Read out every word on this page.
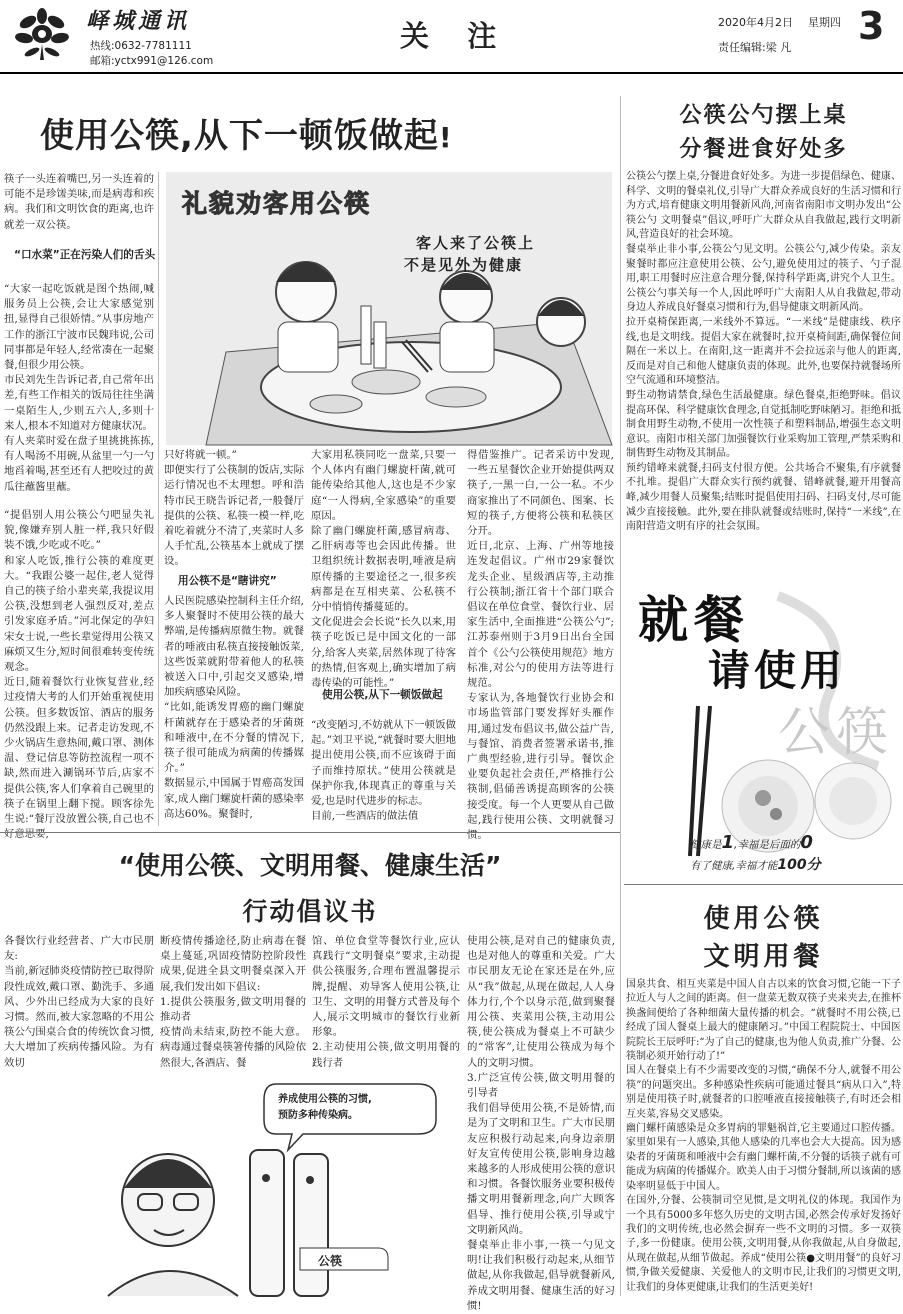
峄城通讯
热线:0632-7781111
邮箱:yctx991@126.com
关  注	2020年4月2日 星期四
责任编辑:梁 凡 3
使用公筷,从下一顿饭做起!
礼貌劝客用公筷
客人来了公筷上
不是见外为健康
筷子一头连着嘴巴,另一头连着的可能不是珍馐美味,而是病毒和疾病。我们和文明饮食的距离,也许就差一双公筷。
“口水菜”正在污染人们的舌头
“大家一起吃饭就是图个热闹,喊服务员上公筷,会让大家感觉别扭,显得自己很娇情。”从事房地产工作的浙江宁波市民魏玮说,公司同事都是年轻人,经常凑在一起聚餐,但很少用公筷。
市民刘先生告诉记者,自己常年出差,有些工作相关的饭局往往坐满一桌陌生人,少则五六人,多则十来人,根本不知道对方健康状况。
有人夹菜时爱在盘子里挑挑拣拣,有人喝汤不用碗,从盆里一勺一勺地舀着喝,甚至还有人把咬过的黄瓜往蘸酱里蘸。
“提倡别人用公筷公勺吧显失礼貌,像嫌弃别人脏一样,我只好假装不饿,少吃或不吃。”
和家人吃饭,推行公筷的难度更大。“我跟公婆一起住,老人觉得自己的筷子给小辈夹菜,我提议用公筷,没想到老人强烈反对,差点引发家庭矛盾。”河北保定的孕妇宋女士说,一些长辈觉得用公筷又麻烦又生分,短时间很难转变传统观念。
近日,随着餐饮行业恢复营业,经过疫情大考的人们开始重视使用公筷。但多数饭馆、酒店的服务仍然没跟上来。记者走访发现,不少火锅店生意热闹,戴口罩、测体温、登记信息等防控流程一项不缺,然而进入涮锅环节后,店家不提供公筷,客人们拿着自己碗里的筷子在锅里上翻下搅。顾客徐先生说:“餐厅没放置公筷,自己也不好意思要,
只好将就一顿。”
即便实行了公筷制的饭店,实际运行情况也不太理想。呼和浩特市民王晓告诉记者,一般餐厅提供的公筷、私筷一模一样,吃着吃着就分不清了,夹菜时人多人手忙乱,公筷基本上就成了摆设。
用公筷不是“瞎讲究”
人民医院感染控制科主任介绍,多人聚餐时不使用公筷的最大弊端,是传播病原微生物。就餐者的唾液由私筷直接接触饭菜,这些饭菜就附带着他人的私筷被送入口中,引起交叉感染,增加疾病感染风险。
“比如,能诱发胃癌的幽门螺旋杆菌就存在于感染者的牙菌斑和唾液中,在不分餐的情况下,筷子很可能成为病菌的传播媒介。”
数据显示,中国属于胃癌高发国家,成人幽门螺旋杆菌的感染率高达60%。聚餐时,
大家用私筷同吃一盘菜,只要一个人体内有幽门螺旋杆菌,就可能传染给其他人,这也是不少家庭“一人得病,全家感染”的重要原因。
除了幽门螺旋杆菌,感冒病毒、乙肝病毒等也会因此传播。世卫组织统计数据表明,唾液是病原传播的主要途径之一,很多疾病都是在互相夹菜、公私筷不分中悄悄传播蔓延的。
文化促进会会长说“长久以来,用筷子吃饭已是中国文化的一部分,给客人夹菜,居然体现了待客的热情,但客观上,确实增加了病毒传染的可能性。”
使用公筷,从下一顿饭做起
“改变陋习,不妨就从下一顿饭做起。”刘卫平说,“就餐时要大胆地提出使用公筷,而不应该碍于面子而维持原状。”使用公筷就是保护你我,体现真正的尊重与关爱,也是时代进步的标志。
目前,一些酒店的做法值
得借鉴推广。记者采访中发现,一些五星餐饮企业开始提供两双筷子,一黑一白,一公一私。不少商家推出了不同颜色、图案、长短的筷子,方便将公筷和私筷区分开。
近日,北京、上海、广州等地接连发起倡议。广州市29家餐饮龙头企业、星级酒店等,主动推行公筷制;浙江省十个部门联合倡议在单位食堂、餐饮行业、居家生活中,全面推进“公筷公勺”;江苏泰州则于3月9日出台全国首个《公勺公筷使用规范》地方标准,对公勺的使用方法等进行规范。
专家认为,各地餐饮行业协会和市场监管部门要发挥好头雁作用,通过发布倡议书,做公益广告,与餐馆、消费者签署承诺书,推广典型经验,进行引导。餐饮企业要负起社会责任,严格推行公筷制,倡俑善诱提高顾客的公筷接受度。每一个人更要从自己做起,践行使用公筷、文明就餐习惯。
公筷公勺摆上桌
分餐进食好处多
公筷公勺摆上桌,分餐进食好处多。为进一步提倡绿色、健康、科学、文明的餐桌礼仪,引导广大群众养成良好的生活习惯和行为方式,培育健康文明用餐新风尚,河南省南阳市文明办发出“公筷公勺 文明餐桌”倡议,呼吁广大群众从自我做起,践行文明新风,营造良好的社会环境。
餐桌举止非小事,公筷公勺见文明。公筷公勺,减少传染。亲友聚餐时都应注意使用公筷、公勺,避免使用过的筷子、勺子混用,职工用餐时应注意合理分餐,保持科学距离,讲究个人卫生。公筷公勺事关每一个人,因此呼吁广大南阳人从自我做起,带动身边人养成良好餐桌习惯和行为,倡导健康文明新风尚。
拉开桌椅保距离,一米线外不算远。“一米线”是健康线、秩序线,也是文明线。提倡大家在就餐时,拉开桌椅间距,确保餐位间隔在一米以上。在南阳,这一距离并不会拉远亲与他人的距离,反而是对自己和他人健康负责的体现。此外,也要保持就餐场所空气流通和环境整洁。
野生动物请禁食,绿色生活最健康。绿色餐桌,拒绝野味。倡议提高环保、科学健康饮食理念,自觉抵制吃野味陋习。拒绝和抵制食用野生动物,不使用一次性筷子和塑料制品,增强生态文明意识。南阳市相关部门加强餐饮行业采购加工管理,严禁采购和制售野生动物及其制品。
预约错峰来就餐,扫码支付很方便。公共场合不聚集,有序就餐不扎堆。提倡广大群众实行预约就餐、错峰就餐,避开用餐高峰,减少用餐人员聚集;结账时提倡使用扫码、扫码支付,尽可能减少直接接触。此外,要在排队就餐或结账时,保持“一米线”,在南阳营造文明有序的社会氛围。
就餐
请使用
公筷
健康是1,幸福是后面的0
有了健康,幸福才能100分
“使用公筷、文明用餐、健康生活”
行动倡议书
各餐饮行业经营者、广大市民朋友:
当前,新冠肺炎疫情防控已取得阶段性成效,戴口罩、勤洗手、多通风、少外出已经成为大家的良好习惯。然而,被大家忽略的不用公筷公勺围桌合食的传统饮食习惯,大大增加了疾病传播风险。为有效切
断疫情传播途径,防止病毒在餐桌上蔓延,巩固疫情防控阶段性成果,促进全县文明餐桌深入开展,我们发出如下倡议:
1.提供公筷服务,做文明用餐的推动者
疫情尚未结束,防控不能大意。病毒通过餐桌筷箸传播的风险依然很大,各酒店、餐
馆、单位食堂等餐饮行业,应认真践行“文明餐桌”要求,主动提供公筷服务,合理布置温馨提示牌,提醒、劝导客人使用公筷,让卫生、文明的用餐方式普及每个人,展示文明城市的餐饮行业新形象。
2.主动使用公筷,做文明用餐的践行者
使用公筷,是对自己的健康负责,也是对他人的尊重和关爱。广大市民朋友无论在家还是在外,应从“我”做起,从现在做起,人人身体力行,个个以身示范,做到聚餐用公筷、夹菜用公筷,主动用公筷,使公筷成为餐桌上不可缺少的“常客”,让使用公筷成为每个人的文明习惯。
3.广泛宣传公筷,做文明用餐的引导者
我们倡导使用公筷,不是娇情,而是为了文明和卫生。广大市民朋友应积极行动起来,向身边亲朋好友宣传使用公筷,影响身边越来越多的人形成使用公筷的意识和习惯。各餐饮服务业要积极传播文明用餐新理念,向广大顾客倡导、推行使用公筷,引导或宁文明新风尚。
餐桌举止非小事,一筷一勺见文明!让我们积极行动起来,从细节做起,从你我做起,倡导就餐新风,养成文明用餐、健康生活的好习惯!
养成使用公筷的习惯,
预防多种传染病。
公筷
使用公筷
文明用餐
国泉共食、相互夹菜是中国人自古以来的饮食习惯,它能一下子拉近人与人之间的距离。但一盘菜无数双筷子夹来夹去,在推杯换盏间便给了各种细菌大量传播的机会。“就餐时不用公筷,已经成了国人餐桌上最大的健康陋习。”中国工程院院士、中国医院院长王辰呼吁:“为了自己的健康,也为他人负责,推广分餐、公筷制必须开始行动了!”
国人在餐桌上有不少需要改变的习惯,“确保不分人,就餐不用公筷”的问题突出。多种感染性疾病可能通过餐具“病从口入”,特别是使用筷子时,就餐者的口腔唾液直接接触筷子,有时还会相互夹菜,容易交叉感染。
幽门螺杆菌感染是众多胃病的罪魁祸首,它主要通过口腔传播。家里如果有一人感染,其他人感染的几率也会大大提高。因为感染者的牙菌斑和唾液中会有幽门螺杆菌,不分餐的话筷子就有可能成为病菌的传播媒介。欧美人由于习惯分餐制,所以该菌的感染率明显低于中国人。
在国外,分餐、公筷制司空见惯,是文明礼仪的体现。我国作为一个具有5000多年悠久历史的文明古国,必然会传承好发扬好我们的文明传统,也必然会摒弃一些不文明的习惯。多一双筷子,多一份健康。使用公筷,文明用餐,从你我做起,从自身做起,从现在做起,从细节做起。养成“使用公筷●文明用餐”的良好习惯,争做关爱健康、关爱他人的文明市民,让我们的习惯更文明,让我们的身体更健康,让我们的生活更美好!
